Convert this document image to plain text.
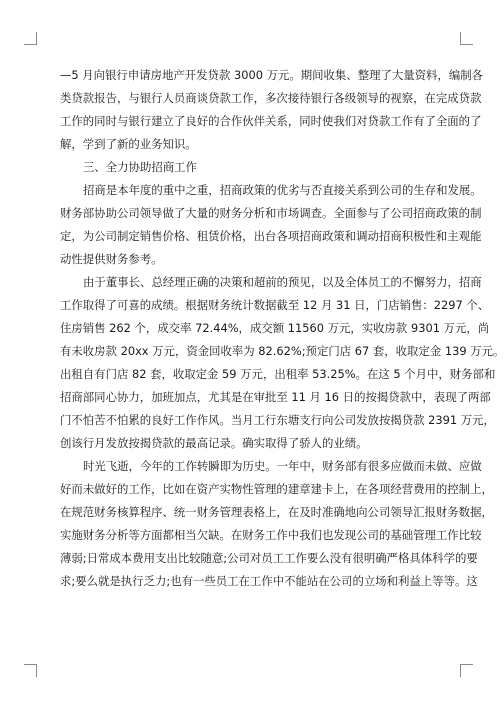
—5 月向银行申请房地产开发贷款 3000 万元。期间收集、整理了大量资料，编制各
类贷款报告，与银行人员商谈贷款工作，多次接待银行各级领导的视察，在完成贷款
工作的同时与银行建立了良好的合作伙伴关系，同时使我们对贷款工作有了全面的了
解，学到了新的业务知识。
三、全力协助招商工作
招商是本年度的重中之重，招商政策的优劣与否直接关系到公司的生存和发展。
财务部协助公司领导做了大量的财务分析和市场调查。全面参与了公司招商政策的制
定，为公司制定销售价格、租赁价格，出台各项招商政策和调动招商积极性和主观能
动性提供财务参考。
由于董事长、总经理正确的决策和超前的预见，以及全体员工的不懈努力，招商
工作取得了可喜的成绩。根据财务统计数据截至 12 月 31 日，门店销售：2297 个、
住房销售 262 个，成交率 72.44%，成交额 11560 万元，实收房款 9301 万元，尚
有未收房款 20xx 万元，资金回收率为 82.62%;预定门店 67 套，收取定金 139 万元。
出租自有门店 82 套，收取定金 59 万元，出租率 53.25%。在这 5 个月中，财务部和
招商部同心协力，加班加点，尤其是在审批至 11 月 16 日的按揭贷款中，表现了两部
门不怕苦不怕累的良好工作作风。当月工行东塘支行向公司发放按揭贷款 2391 万元，
创该行月发放按揭贷款的最高记录。确实取得了骄人的业绩。
时光飞逝，今年的工作转瞬即为历史。一年中，财务部有很多应做而未做、应做
好而未做好的工作，比如在资产实物性管理的建章建卡上，在各项经营费用的控制上，
在规范财务核算程序、统一财务管理表格上，在及时准确地向公司领导汇报财务数据，
实施财务分析等方面都相当欠缺。在财务工作中我们也发现公司的基础管理工作比较
薄弱;日常成本费用支出比较随意;公司对员工工作要么没有很明确严格具体科学的要
求;要么就是执行乏力;也有一些员工在工作中不能站在公司的立场和利益上等等。这
